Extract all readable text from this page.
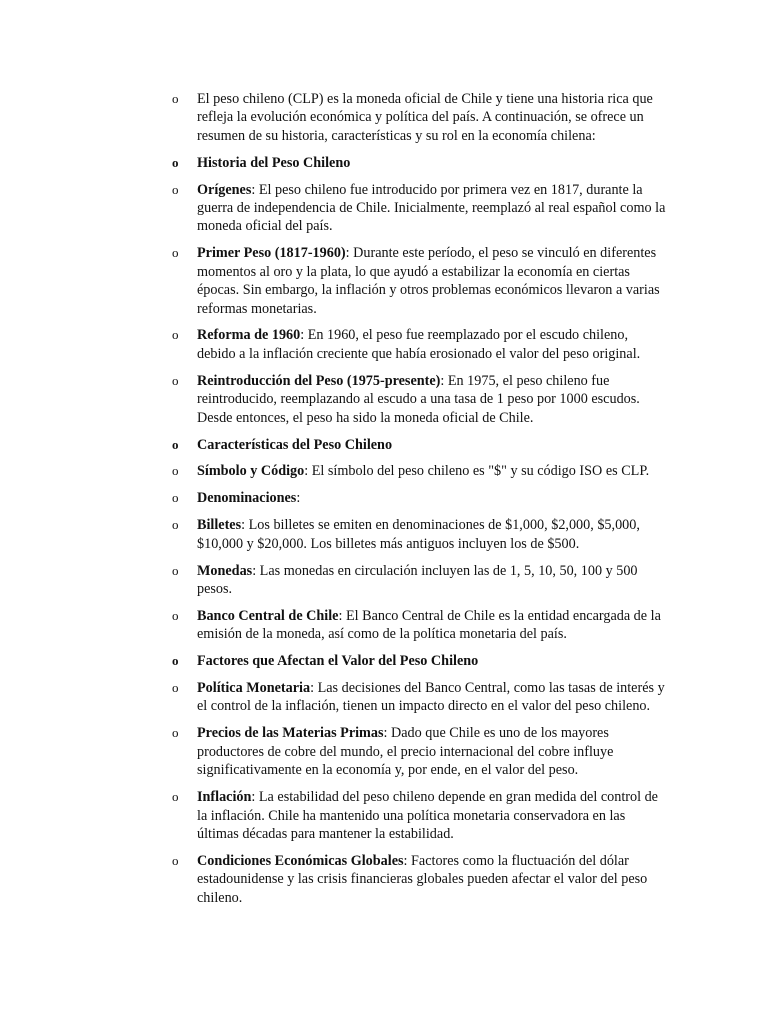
o El peso chileno (CLP) es la moneda oficial de Chile y tiene una historia rica que refleja la evolución económica y política del país. A continuación, se ofrece un resumen de su historia, características y su rol en la economía chilena:
o Historia del Peso Chileno
o Orígenes: El peso chileno fue introducido por primera vez en 1817, durante la guerra de independencia de Chile. Inicialmente, reemplazó al real español como la moneda oficial del país.
o Primer Peso (1817-1960): Durante este período, el peso se vinculó en diferentes momentos al oro y la plata, lo que ayudó a estabilizar la economía en ciertas épocas. Sin embargo, la inflación y otros problemas económicos llevaron a varias reformas monetarias.
o Reforma de 1960: En 1960, el peso fue reemplazado por el escudo chileno, debido a la inflación creciente que había erosionado el valor del peso original.
o Reintroducción del Peso (1975-presente): En 1975, el peso chileno fue reintroducido, reemplazando al escudo a una tasa de 1 peso por 1000 escudos. Desde entonces, el peso ha sido la moneda oficial de Chile.
o Características del Peso Chileno
o Símbolo y Código: El símbolo del peso chileno es "$" y su código ISO es CLP.
o Denominaciones:
o Billetes: Los billetes se emiten en denominaciones de $1,000, $2,000, $5,000, $10,000 y $20,000. Los billetes más antiguos incluyen los de $500.
o Monedas: Las monedas en circulación incluyen las de 1, 5, 10, 50, 100 y 500 pesos.
o Banco Central de Chile: El Banco Central de Chile es la entidad encargada de la emisión de la moneda, así como de la política monetaria del país.
o Factores que Afectan el Valor del Peso Chileno
o Política Monetaria: Las decisiones del Banco Central, como las tasas de interés y el control de la inflación, tienen un impacto directo en el valor del peso chileno.
o Precios de las Materias Primas: Dado que Chile es uno de los mayores productores de cobre del mundo, el precio internacional del cobre influye significativamente en la economía y, por ende, en el valor del peso.
o Inflación: La estabilidad del peso chileno depende en gran medida del control de la inflación. Chile ha mantenido una política monetaria conservadora en las últimas décadas para mantener la estabilidad.
o Condiciones Económicas Globales: Factores como la fluctuación del dólar estadounidense y las crisis financieras globales pueden afectar el valor del peso chileno.
